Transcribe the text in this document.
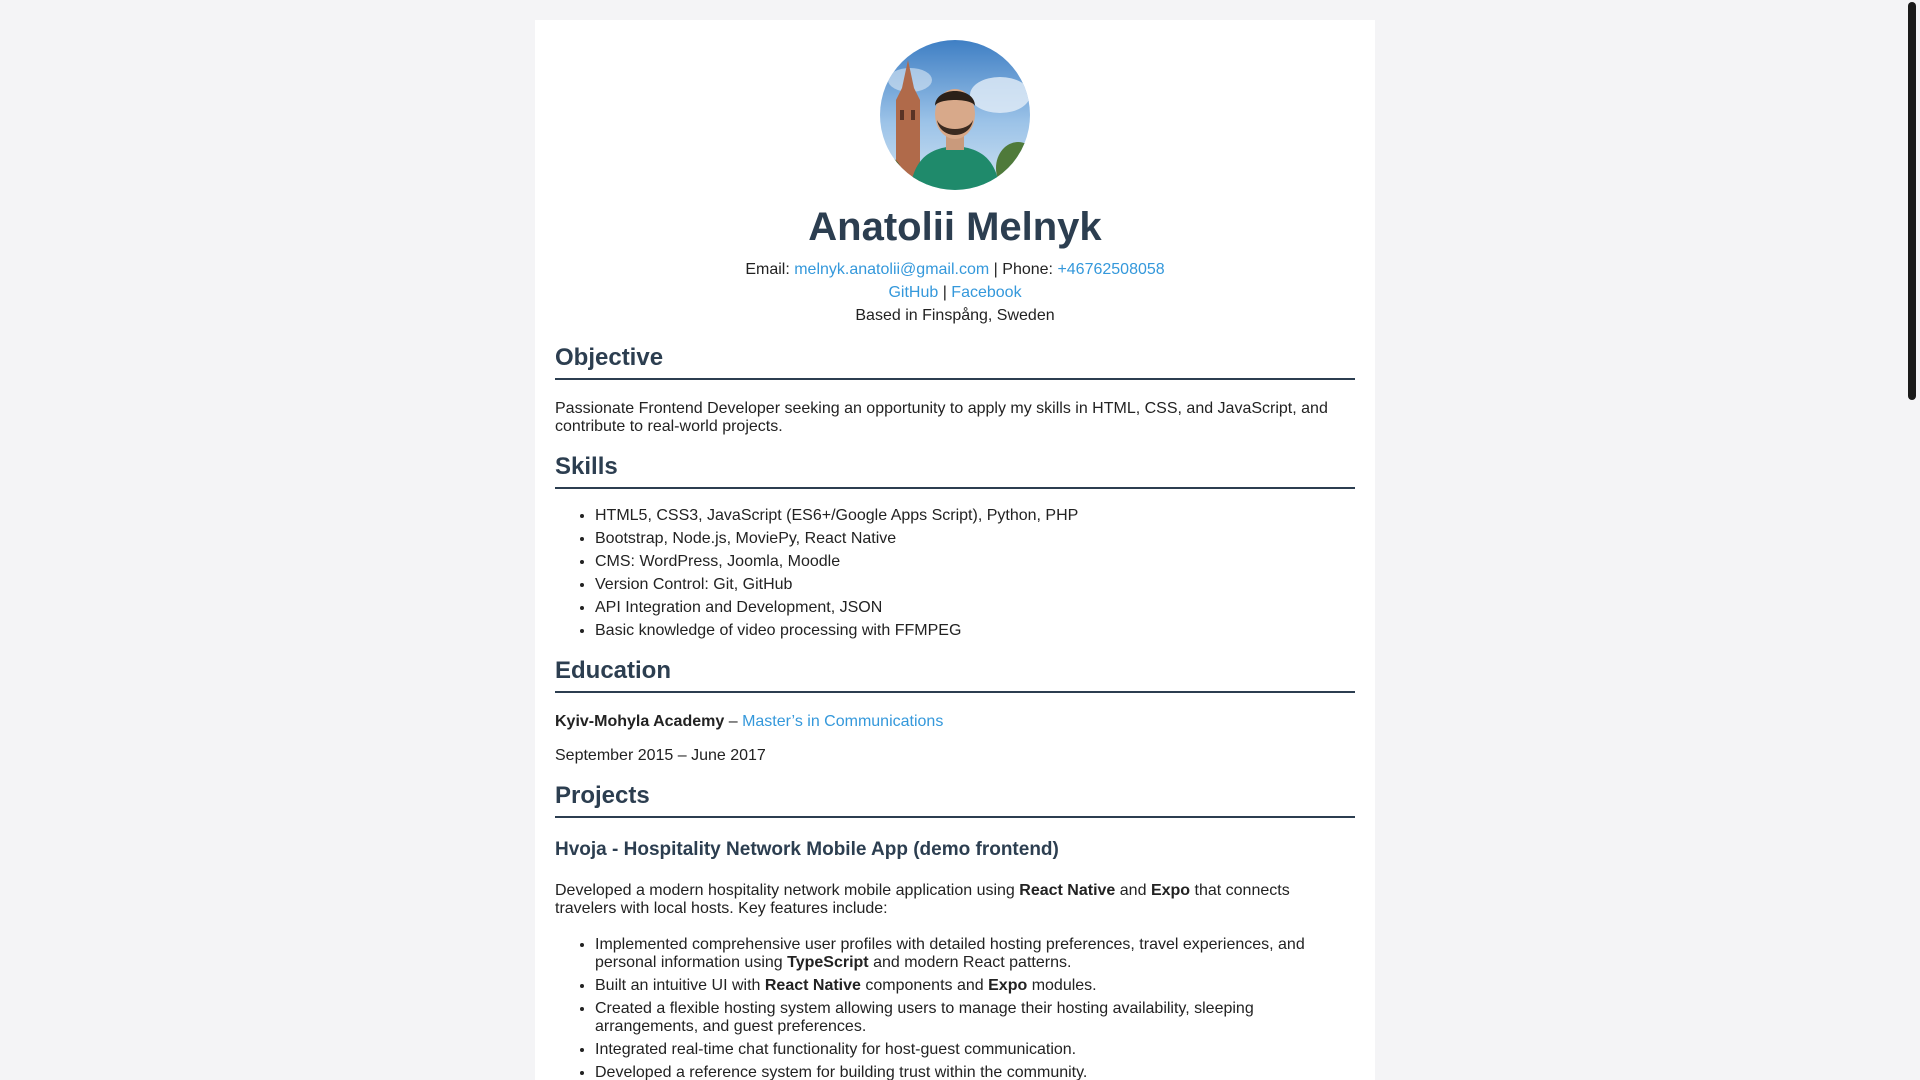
Anatolii Melnyk
Email: melnyk.anatolii@gmail.com | Phone: +46762508058
GitHub | Facebook
Based in Finspång, Sweden
Objective

Passionate Frontend Developer seeking an opportunity to apply my skills in HTML, CSS, and JavaScript, and contribute to real-world projects.

Skills
• HTML5, CSS3, JavaScript (ES6+/Google Apps Script), Python, PHP
• Bootstrap, Node.js, MoviePy, React Native
• CMS: WordPress, Joomla, Moodle
• Version Control: Git, GitHub
• API Integration and Development, JSON
• Basic knowledge of video processing with FFMPEG
Education

Kyiv-Mohyla Academy – Master’s in Communications

September 2015 – June 2017

Projects
Hvoja - Hospitality Network Mobile App (demo frontend)

Developed a modern hospitality network mobile application using React Native and Expo that connects travelers with local hosts. Key features include:

• Implemented comprehensive user profiles with detailed hosting preferences, travel experiences, and personal information using TypeScript and modern React patterns.
• Built an intuitive UI with React Native components and Expo modules.
• Created a flexible hosting system allowing users to manage their hosting availability, sleeping arrangements, and guest preferences.
• Integrated real-time chat functionality for host-guest communication.
• Developed a reference system for building trust within the community.
